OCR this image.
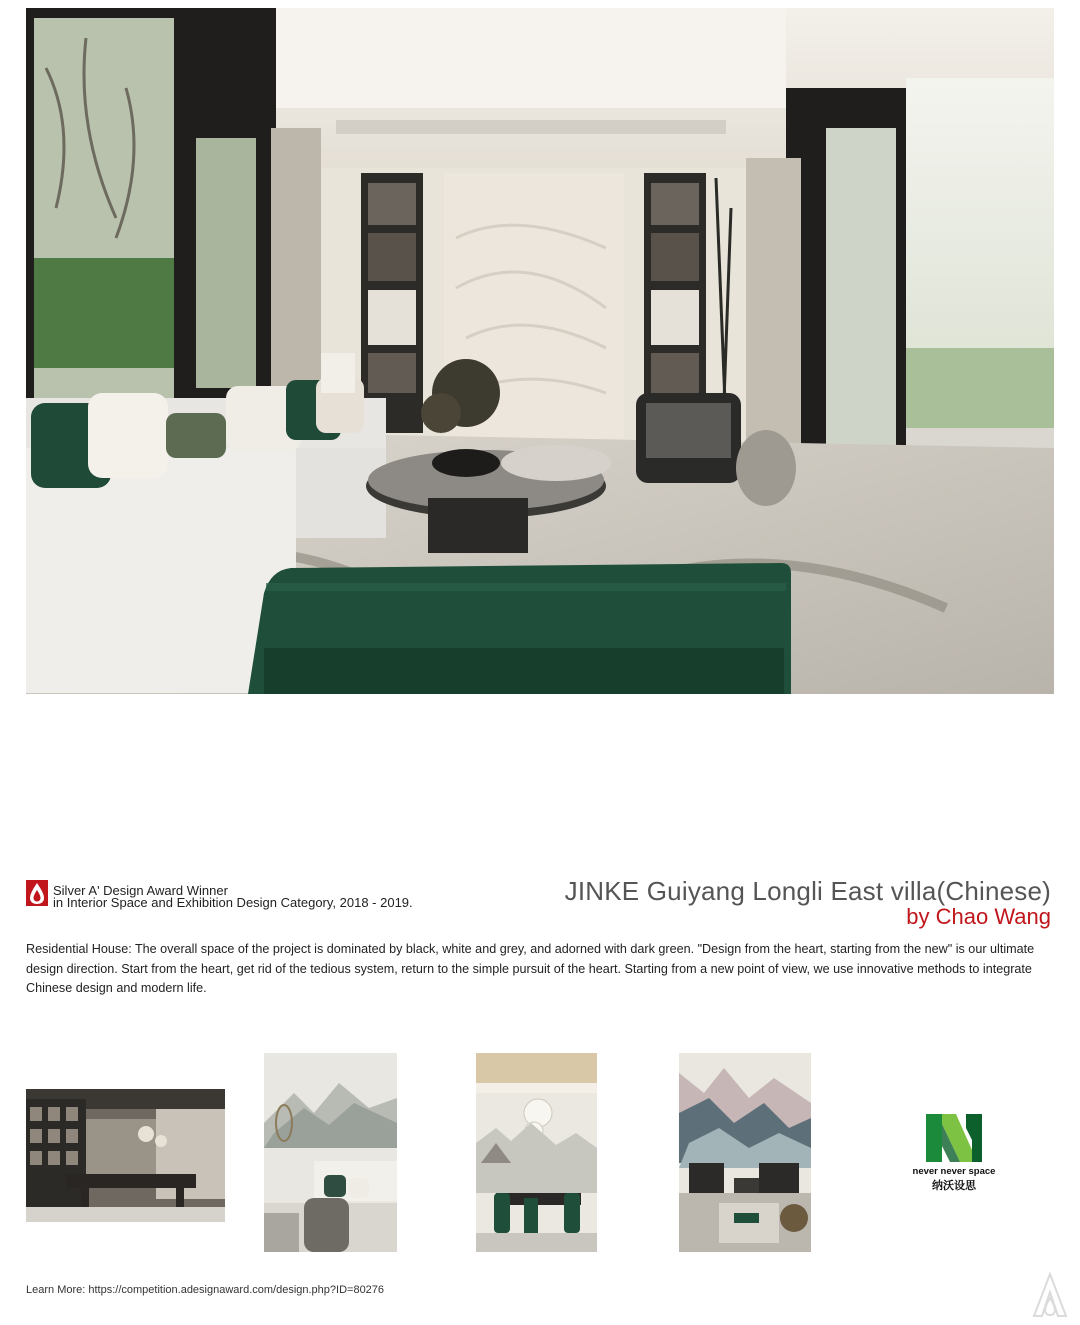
Silver A' Design Award Winner
in Interior Space and Exhibition Design Category, 2018 - 2019.	JINKE Guiyang Longli East villa(Chinese)
by Chao Wang
Residential House: The overall space of the project is dominated by black, white and grey, and adorned with dark green. "Design from the heart, starting from the new" is our ultimate design direction. Start from the heart, get rid of the tedious system, return to the simple pursuit of the heart. Starting from a new point of view, we use innovative methods to integrate Chinese design and modern life.
never never space
纳沃设思
Learn More: https://competition.adesignaward.com/design.php?ID=80276
